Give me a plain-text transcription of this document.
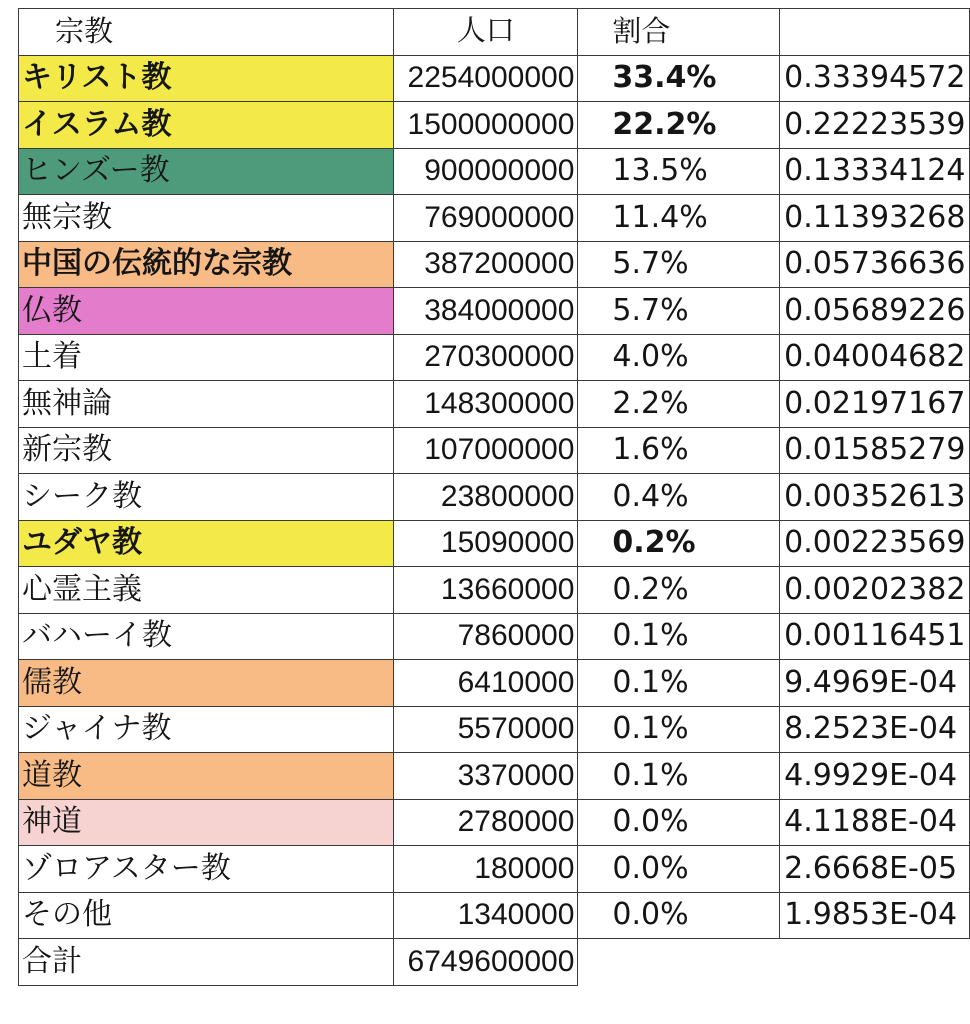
宗教	人口	割合	
キリスト教	2254000000	33.4%	0.33394572
イスラム教	1500000000	22.2%	0.22223539
ヒンズー教	900000000	13.5%	0.13334124
無宗教	769000000	11.4%	0.11393268
中国の伝統的な宗教	387200000	5.7%	0.05736636
仏教	384000000	5.7%	0.05689226
土着	270300000	4.0%	0.04004682
無神論	148300000	2.2%	0.02197167
新宗教	107000000	1.6%	0.01585279
シーク教	23800000	0.4%	0.00352613
ユダヤ教	15090000	0.2%	0.00223569
心霊主義	13660000	0.2%	0.00202382
バハーイ教	7860000	0.1%	0.00116451
儒教	6410000	0.1%	9.4969E-04
ジャイナ教	5570000	0.1%	8.2523E-04
道教	3370000	0.1%	4.9929E-04
神道	2780000	0.0%	4.1188E-04
ゾロアスター教	180000	0.0%	2.6668E-05
その他	1340000	0.0%	1.9853E-04
合計	6749600000		
